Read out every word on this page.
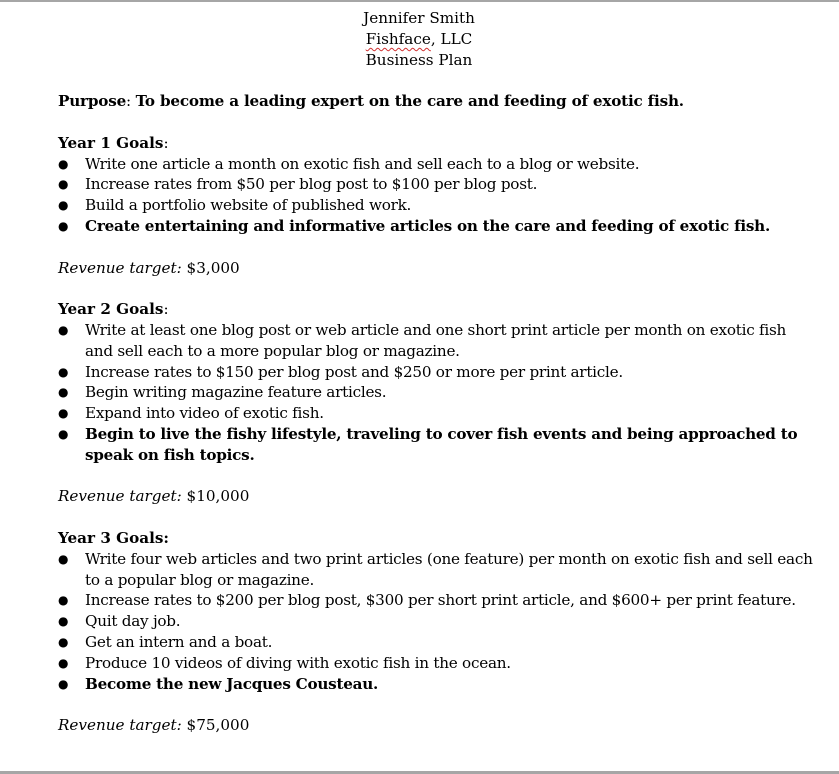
Jennifer Smith
Fishface, LLC
Business Plan

Purpose: To become a leading expert on the care and feeding of exotic fish.

Year 1 Goals:

●	Write one article a month on exotic fish and sell each to a blog or website.
●	Increase rates from $50 per blog post to $100 per blog post.
●	Build a portfolio website of published work.
●	Create entertaining and informative articles on the care and feeding of exotic fish.

Revenue target: $3,000

Year 2 Goals:

●	Write at least one blog post or web article and one short print article per month on exotic fish and sell each to a more popular blog or magazine.
●	Increase rates to $150 per blog post and $250 or more per print article.
●	Begin writing magazine feature articles.
●	Expand into video of exotic fish.
●	Begin to live the fishy lifestyle, traveling to cover fish events and being approached to speak on fish topics.

Revenue target: $10,000

Year 3 Goals:

●	Write four web articles and two print articles (one feature) per month on exotic fish and sell each to a popular blog or magazine.
●	Increase rates to $200 per blog post, $300 per short print article, and $600+ per print feature.
●	Quit day job.
●	Get an intern and a boat.
●	Produce 10 videos of diving with exotic fish in the ocean.
●	Become the new Jacques Cousteau.

Revenue target: $75,000
